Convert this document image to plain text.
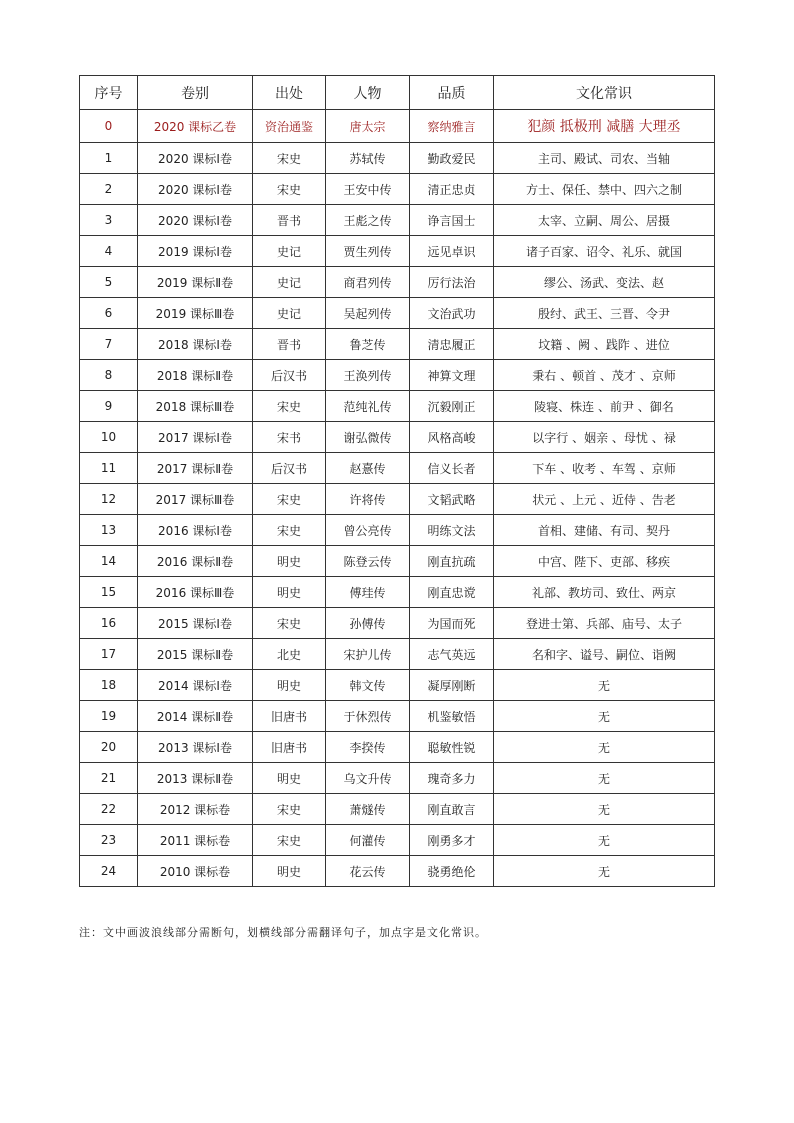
序号	卷别	出处	人物	品质	文化常识
0	2020 课标乙卷	资治通鉴	唐太宗	察纳雅言	犯颜 抵极刑 减膳 大理丞
1	2020 课标Ⅰ卷	宋史	苏轼传	勤政爱民	主司、殿试、司农、当轴
2	2020 课标Ⅰ卷	宋史	王安中传	清正忠贞	方士、保任、禁中、四六之制
3	2020 课标Ⅰ卷	晋书	王彪之传	诤言国士	太宰、立嗣、周公、居摄
4	2019 课标Ⅰ卷	史记	贾生列传	远见卓识	诸子百家、诏令、礼乐、就国
5	2019 课标Ⅱ卷	史记	商君列传	厉行法治	缪公、汤武、变法、赵
6	2019 课标Ⅲ卷	史记	吴起列传	文治武功	殷纣、武王、三晋、令尹
7	2018 课标Ⅰ卷	晋书	鲁芝传	清忠履正	坟籍 、阙 、践阼 、进位
8	2018 课标Ⅱ卷	后汉书	王涣列传	神算文理	秉右 、顿首 、茂才 、京师
9	2018 课标Ⅲ卷	宋史	范纯礼传	沉毅刚正	陵寝、株连 、前尹 、御名
10	2017 课标Ⅰ卷	宋书	谢弘微传	风格高峻	以字行 、姻亲 、母忧 、禄
11	2017 课标Ⅱ卷	后汉书	赵憙传	信义长者	下车 、收考 、车驾 、京师
12	2017 课标Ⅲ卷	宋史	许将传	文韬武略	状元 、上元 、近侍 、告老
13	2016 课标Ⅰ卷	宋史	曾公亮传	明练文法	首相、建储、有司、契丹
14	2016 课标Ⅱ卷	明史	陈登云传	刚直抗疏	中宫、陛下、吏部、移疾
15	2016 课标Ⅲ卷	明史	傅珪传	刚直忠谠	礼部、教坊司、致仕、两京
16	2015 课标Ⅰ卷	宋史	孙傅传	为国而死	登进士第、兵部、庙号、太子
17	2015 课标Ⅱ卷	北史	宋护儿传	志气英远	名和字、谥号、嗣位、诣阙
18	2014 课标Ⅰ卷	明史	韩文传	凝厚刚断	无
19	2014 课标Ⅱ卷	旧唐书	于休烈传	机鉴敏悟	无
20	2013 课标Ⅰ卷	旧唐书	李揆传	聪敏性锐	无
21	2013 课标Ⅱ卷	明史	乌文升传	瑰奇多力	无
22	2012 课标卷	宋史	萧燧传	刚直敢言	无
23	2011 课标卷	宋史	何灌传	刚勇多才	无
24	2010 课标卷	明史	花云传	骁勇绝伦	无
注：文中画波浪线部分需断句，划横线部分需翻译句子，加点字是文化常识。
